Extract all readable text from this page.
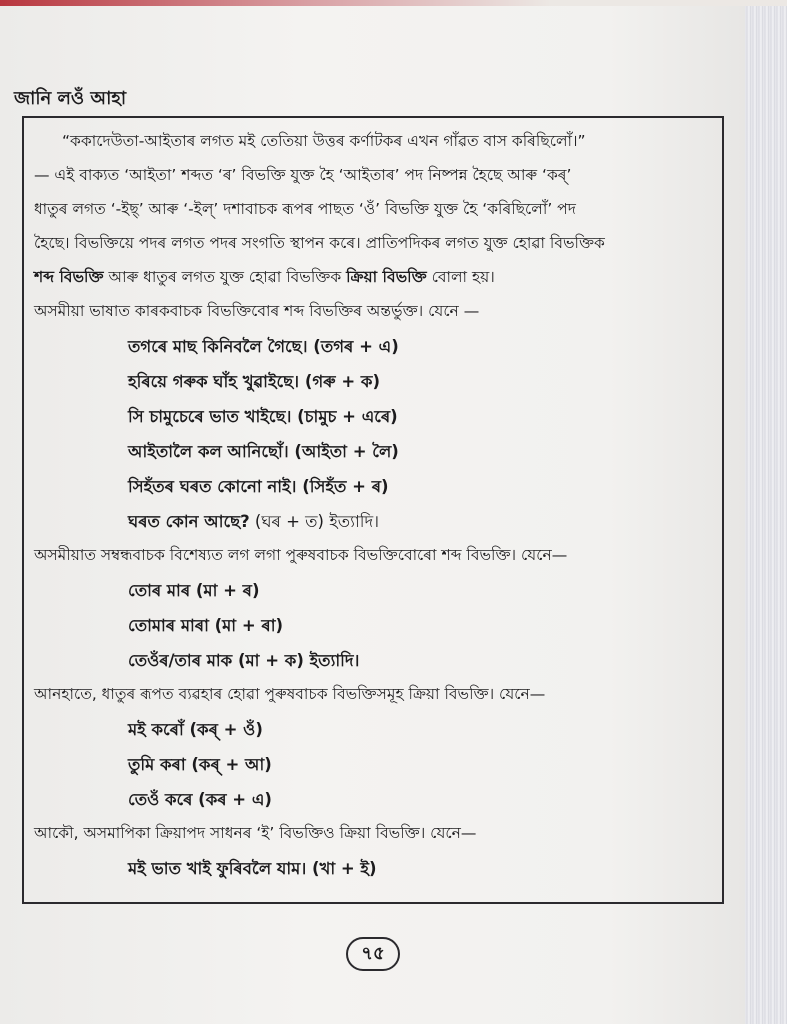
জানি লওঁ আহা
“ককাদেউতা-আইতাৰ লগত মই তেতিয়া উত্তৰ কৰ্ণাটকৰ এখন গাঁৱত বাস কৰিছিলোঁ।”
— এই বাক্যত ‘আইতা’ শব্দত ‘ৰ’ বিভক্তি যুক্ত হৈ ‘আইতাৰ’ পদ নিষ্পন্ন হৈছে আৰু ‘কৰ্’
ধাতুৰ লগত ‘-ইছ্’ আৰু ‘-ইল্’ দশাবাচক ৰূপৰ পাছত ‘ওঁ’ বিভক্তি যুক্ত হৈ ‘কৰিছিলোঁ’ পদ
হৈছে। বিভক্তিয়ে পদৰ লগত পদৰ সংগতি স্থাপন কৰে। প্ৰাতিপদিকৰ লগত যুক্ত হোৱা বিভক্তিক
শব্দ বিভক্তি আৰু ধাতুৰ লগত যুক্ত হোৱা বিভক্তিক ক্ৰিয়া বিভক্তি বোলা হয়।
অসমীয়া ভাষাত কাৰকবাচক বিভক্তিবোৰ শব্দ বিভক্তিৰ অন্তৰ্ভুক্ত। যেনে —
তগৰে মাছ কিনিবলৈ গৈছে। (তগৰ + এ)
হৰিয়ে গৰুক ঘাঁহ খুৱাইছে। (গৰু + ক)
সি চামুচেৰে ভাত খাইছে। (চামুচ + এৰে)
আইতালৈ কল আনিছোঁ। (আইতা + লৈ)
সিহঁতৰ ঘৰত কোনো নাই। (সিহঁত + ৰ)
ঘৰত কোন আছে? (ঘৰ + ত) ইত্যাদি।
অসমীয়াত সম্বন্ধবাচক বিশেষ্যত লগ লগা পুৰুষবাচক বিভক্তিবোৰো শব্দ বিভক্তি। যেনে—
তোৰ মাৰ (মা + ৰ)
তোমাৰ মাৰা (মা + ৰা)
তেওঁৰ/তাৰ মাক (মা + ক) ইত্যাদি।
আনহাতে, ধাতুৰ ৰূপত ব্যৱহাৰ হোৱা পুৰুষবাচক বিভক্তিসমূহ ক্ৰিয়া বিভক্তি। যেনে—
মই কৰোঁ (কৰ্ + ওঁ)
তুমি কৰা (কৰ্ + আ)
তেওঁ কৰে (কৰ + এ)
আকৌ, অসমাপিকা ক্ৰিয়াপদ সাধনৰ ‘ই’ বিভক্তিও ক্ৰিয়া বিভক্তি। যেনে—
মই ভাত খাই ফুৰিবলৈ যাম। (খা + ই)
৭৫
